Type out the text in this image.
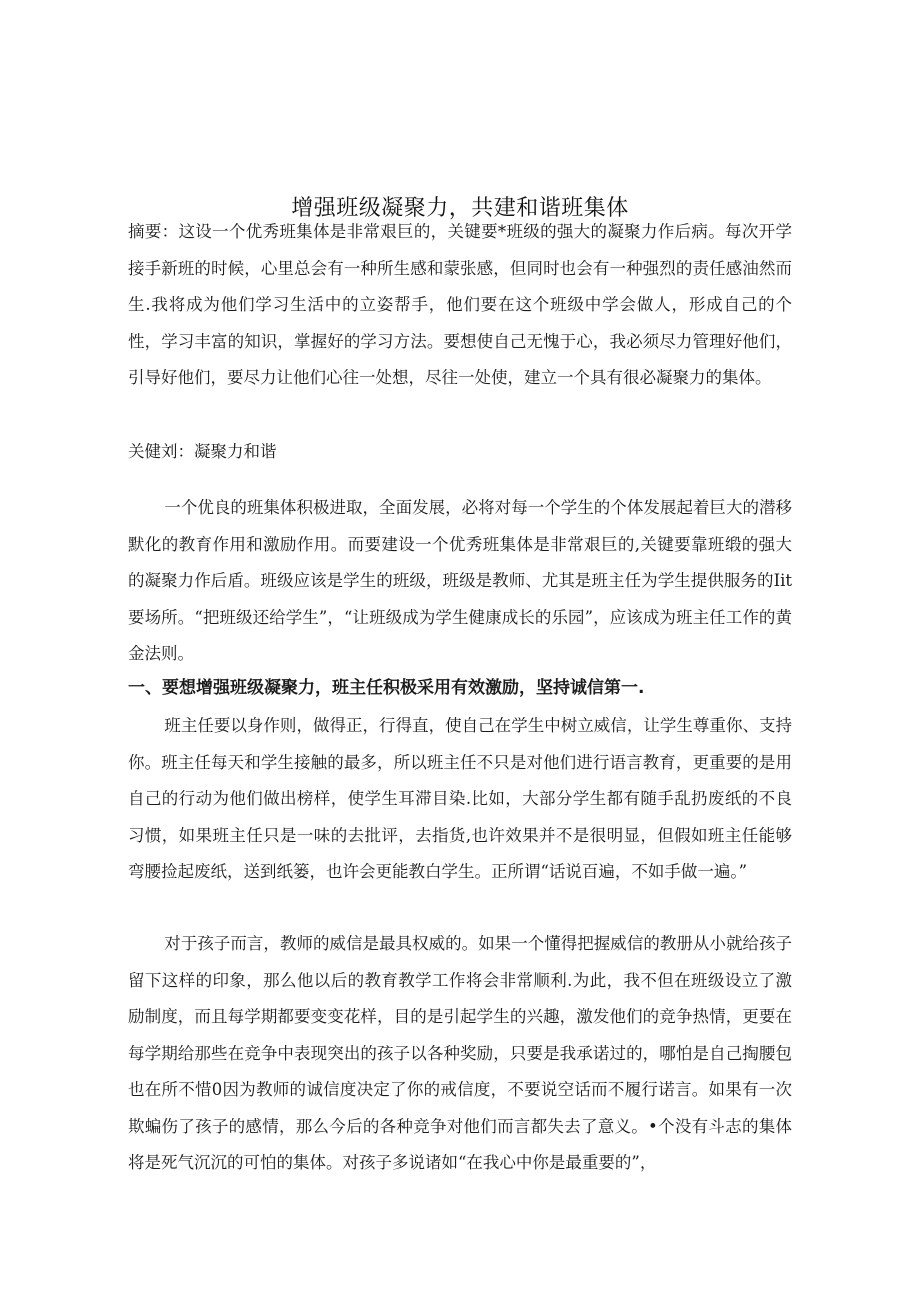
增强班级凝聚力，共建和谐班集体

摘要：这设一个优秀班集体是非常艰巨的，关键要*班级的强大的凝聚力作后病。每次开学接手新班的时候，心里总会有一种所生感和蒙张感，但同时也会有一种强烈的责任感油然而生.我将成为他们学习生活中的立姿帮手，他们要在这个班级中学会做人，形成自己的个性，学习丰富的知识，掌握好的学习方法。要想使自己无愧于心，我必须尽力管理好他们，引导好他们，要尽力让他们心往一处想，尽往一处使，建立一个具有很必凝聚力的集体。

关健刘：凝聚力和谐

一个优良的班集体积极进取，全面发展，必将对每一个学生的个体发展起着巨大的潜移默化的教育作用和激励作用。而要建设一个优秀班集体是非常艰巨的,关键要靠班缎的强大的凝聚力作后盾。班级应该是学生的班级，班级是教师、尤其是班主任为学生提供服务的Iit要场所。“把班级还给学生”，“让班级成为学生健康成长的乐园”，应该成为班主任工作的黄金法则。

一、要想增强班级凝聚力，班主任积极采用有效激励，坚持诚信第一.

班主任要以身作则，做得正，行得直，使自己在学生中树立威信，让学生尊重你、支持你。班主任每天和学生接触的最多，所以班主任不只是对他们进行语言教育，更重要的是用自己的行动为他们做出榜样，使学生耳滞目染.比如，大部分学生都有随手乱扔废纸的不良习惯，如果班主任只是一味的去批评，去指货,也许效果并不是很明显，但假如班主任能够弯腰捡起废纸，送到纸篓，也许会更能教白学生。正所谓“话说百遍，不如手做一遍。”

对于孩子而言，教师的威信是最具权威的。如果一个懂得把握威信的教册从小就给孩子留下这样的印象，那么他以后的教育教学工作将会非常顺利.为此，我不但在班级设立了激励制度，而且每学期都要变变花样，目的是引起学生的兴趣，激发他们的竞争热情，更要在每学期给那些在竞争中表现突出的孩子以各种奖励，只要是我承诺过的，哪怕是自己掏腰包也在所不惜0因为教师的诚信度决定了你的戒信度，不要说空话而不履行诺言。如果有一次欺蝙伤了孩子的感情，那么今后的各种竞争对他们而言都失去了意义。•个没有斗志的集体将是死气沉沉的可怕的集体。对孩子多说诸如“在我心中你是最重要的”，
